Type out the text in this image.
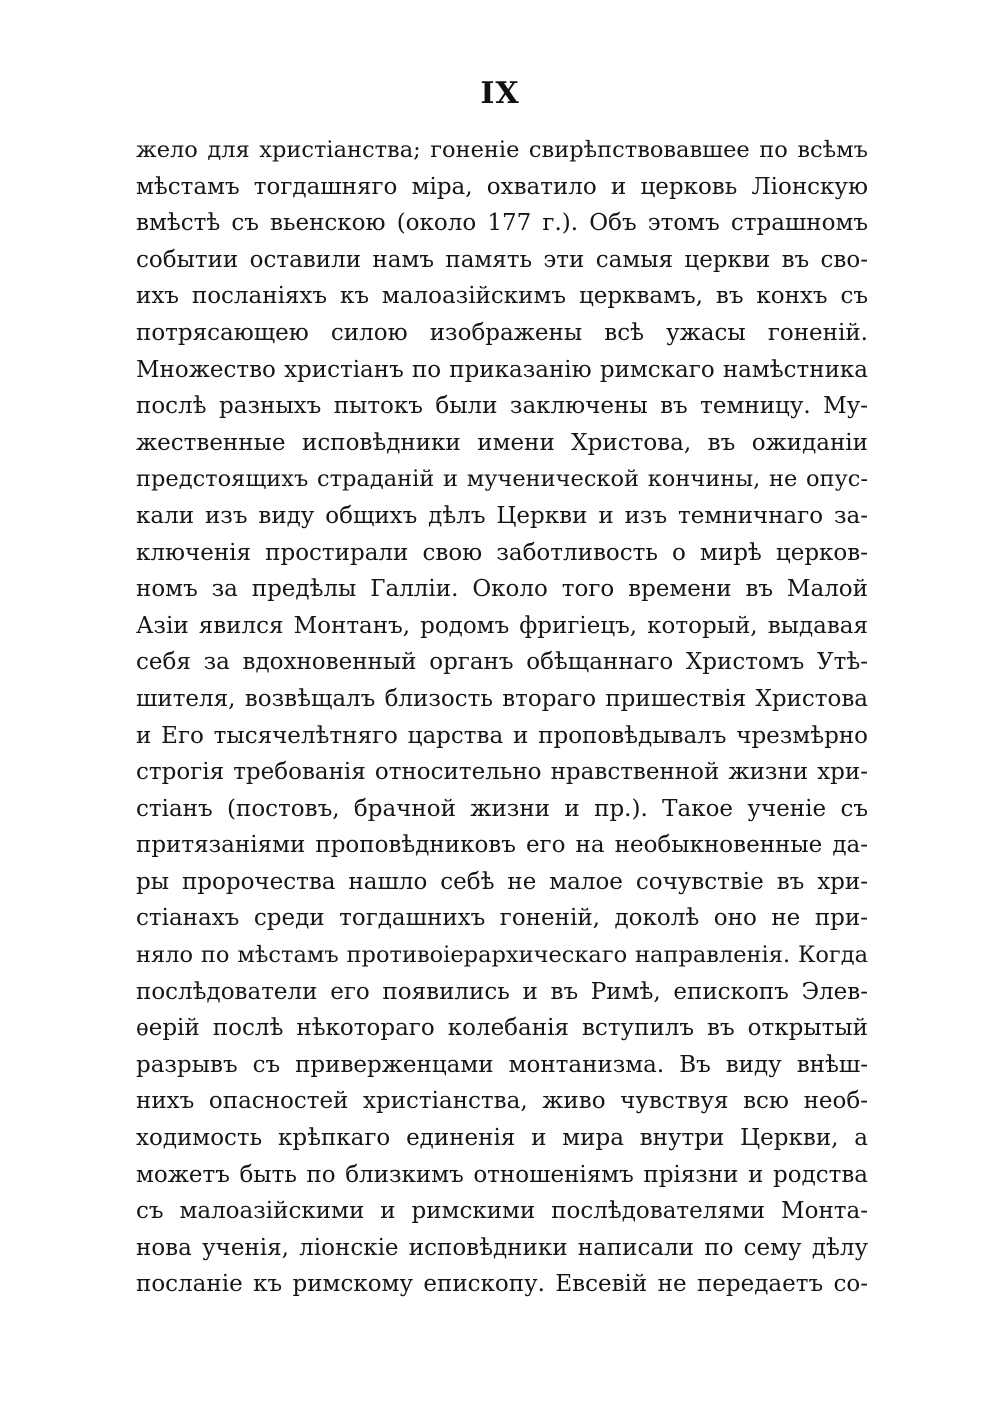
IX
жело для христіанства; гоненіе свирѣпствовавшее по всѣмъ
мѣстамъ тогдашняго міра, охватило и церковь Ліонскую
вмѣстѣ съ вьенскою (около 177 г.). Объ этомъ страшномъ
событии оставили намъ память эти самыя церкви въ сво-
ихъ посланіяхъ къ малоазійскимъ церквамъ, въ конхъ съ
потрясающею силою изображены всѣ ужасы гоненій.
Множество христіанъ по приказанію римскаго намѣстника
послѣ разныхъ пытокъ были заключены въ темницу. Му-
жественные исповѣдники имени Христова, въ ожиданіи
предстоящихъ страданій и мученической кончины, не опус-
кали изъ виду общихъ дѣлъ Церкви и изъ темничнаго за-
ключенія простирали свою заботливость о мирѣ церков-
номъ за предѣлы Галліи. Около того времени въ Малой
Азіи явился Монтанъ, родомъ фригіецъ, который, выдавая
себя за вдохновенный органъ обѣщаннаго Христомъ Утѣ-
шителя, возвѣщалъ близость втораго пришествія Христова
и Его тысячелѣтняго царства и проповѣдывалъ чрезмѣрно
строгія требованія относительно нравственной жизни хри-
стіанъ (постовъ, брачной жизни и пр.). Такое ученіе съ
притязаніями проповѣдниковъ его на необыкновенные да-
ры пророчества нашло себѣ не малое сочувствіе въ хри-
стіанахъ среди тогдашнихъ гоненій, доколѣ оно не при-
няло по мѣстамъ противоіерархическаго направленія. Когда
послѣдователи его появились и въ Римѣ, епископъ Элев-
ѳерій послѣ нѣкотораго колебанія вступилъ въ открытый
разрывъ съ приверженцами монтанизма. Въ виду внѣш-
нихъ опасностей христіанства, живо чувствуя всю необ-
ходимость крѣпкаго единенія и мира внутри Церкви, а
можетъ быть по близкимъ отношеніямъ пріязни и родства
съ малоазійскими и римскими послѣдователями Монта-
нова ученія, ліонскіе исповѣдники написали по сему дѣлу
посланіе къ римскому епископу. Евсевій не передаетъ со-
